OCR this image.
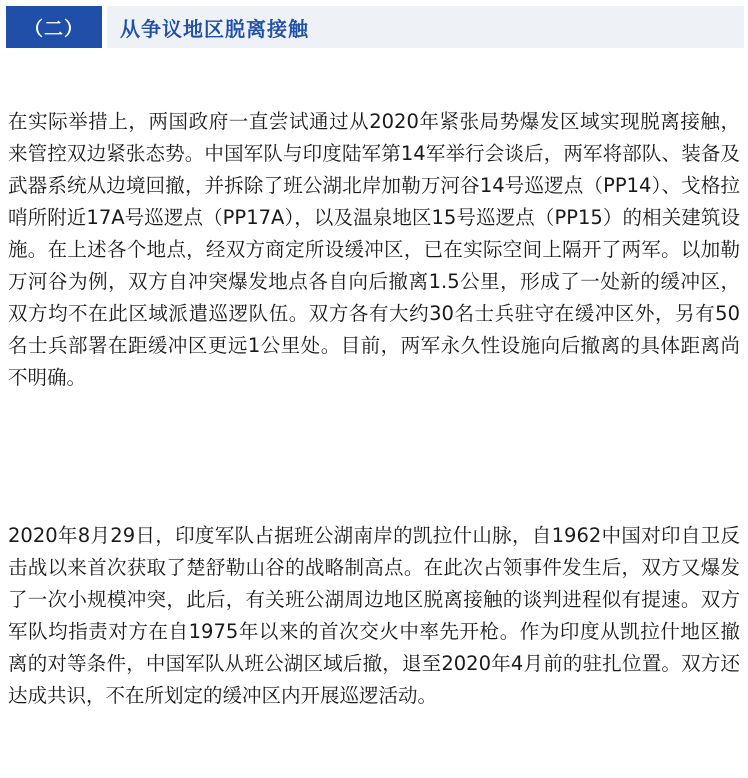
（二）	从争议地区脱离接触

在实际举措上，两国政府一直尝试通过从2020年紧张局势爆发区域实现脱离接触，来管控双边紧张态势。中国军队与印度陆军第14军举行会谈后，两军将部队、装备及武器系统从边境回撤，并拆除了班公湖北岸加勒万河谷14号巡逻点（PP14）、戈格拉哨所附近17A号巡逻点（PP17A），以及温泉地区15号巡逻点（PP15）的相关建筑设施。在上述各个地点，经双方商定所设缓冲区，已在实际空间上隔开了两军。以加勒万河谷为例，双方自冲突爆发地点各自向后撤离1.5公里，形成了一处新的缓冲区，双方均不在此区域派遣巡逻队伍。双方各有大约30名士兵驻守在缓冲区外，另有50名士兵部署在距缓冲区更远1公里处。目前，两军永久性设施向后撤离的具体距离尚不明确。

2020年8月29日，印度军队占据班公湖南岸的凯拉什山脉，自1962中国对印自卫反击战以来首次获取了楚舒勒山谷的战略制高点。在此次占领事件发生后，双方又爆发了一次小规模冲突，此后，有关班公湖周边地区脱离接触的谈判进程似有提速。双方军队均指责对方在自1975年以来的首次交火中率先开枪。作为印度从凯拉什地区撤离的对等条件，中国军队从班公湖区域后撤，退至2020年4月前的驻扎位置。双方还达成共识，不在所划定的缓冲区内开展巡逻活动。
